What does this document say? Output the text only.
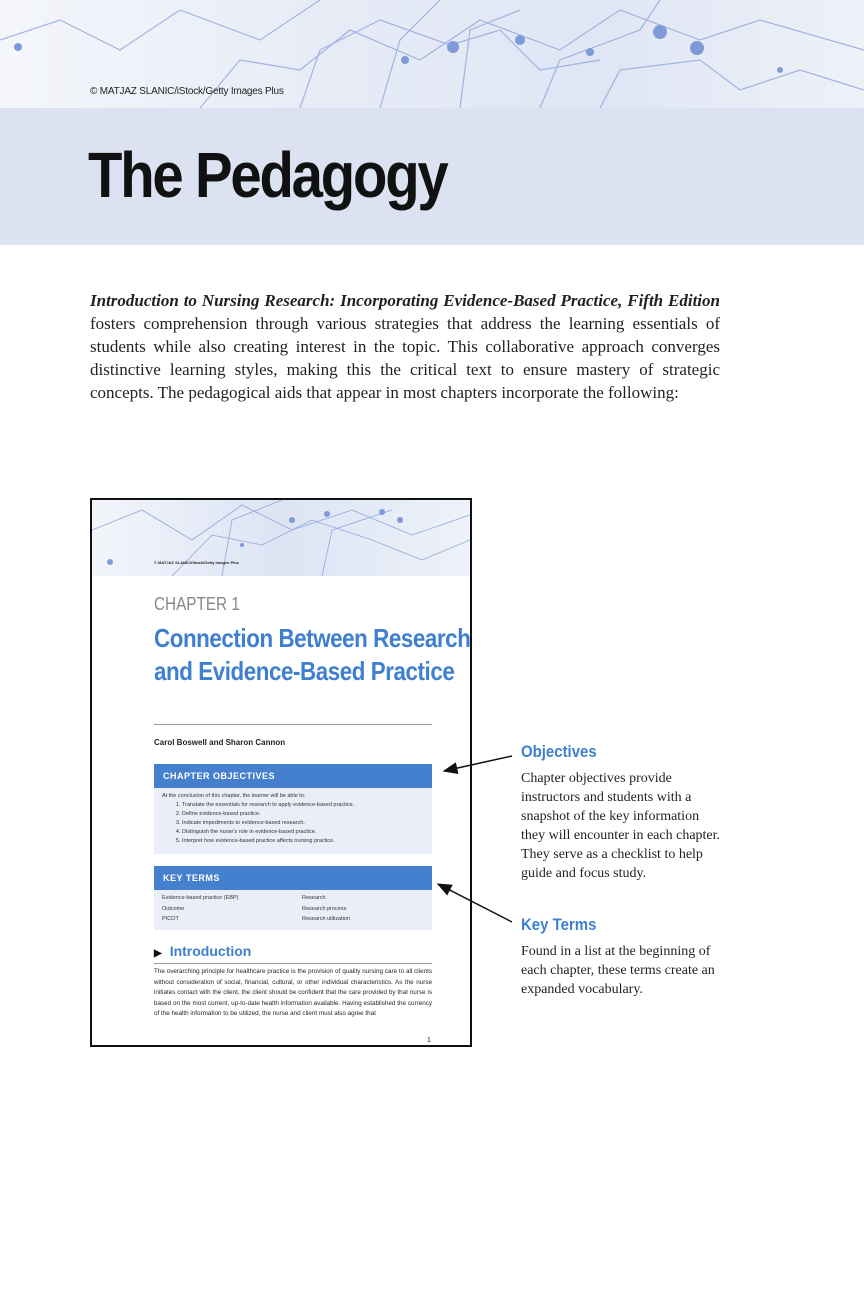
© MATJAZ SLANIC/iStock/Getty Images Plus
The Pedagogy

Introduction to Nursing Research: Incorporating Evidence-Based Practice, Fifth Edition fosters comprehension through various strategies that address the learning essentials of students while also creating interest in the topic. This collaborative approach converges distinctive learning styles, making this the critical text to ensure mastery of strategic concepts. The pedagogical aids that appear in most chapters incorporate the following:

© MATJAZ SLANIC/iStock/Getty Images Plus
CHAPTER 1
Connection Between Research and Evidence-Based Practice
Carol Boswell and Sharon Cannon
CHAPTER OBJECTIVES
At the conclusion of this chapter, the learner will be able to:
1. Translate the essentials for research to apply evidence-based practice.
2. Define evidence-based practice.
3. Indicate impediments to evidence-based research.
4. Distinguish the nurse's role in evidence-based practice.
5. Interpret how evidence-based practice affects nursing practice.
KEY TERMS
Evidence-based practice (EBP)	Research
Outcome	Research process
PICOT	Research utilization
▶ Introduction
The overarching principle for healthcare practice is the provision of quality nursing care to all clients without consideration of social, financial, cultural, or other individual characteristics. As the nurse initiates contact with the client, the client should be confident that the care provided by that nurse is based on the most current, up-to-date health information available. Having established the currency of the health information to be utilized, the nurse and client must also agree that
1
Objectives
Chapter objectives provide instructors and students with a snapshot of the key information they will encounter in each chapter. They serve as a checklist to help guide and focus study.
Key Terms
Found in a list at the beginning of each chapter, these terms create an expanded vocabulary.
